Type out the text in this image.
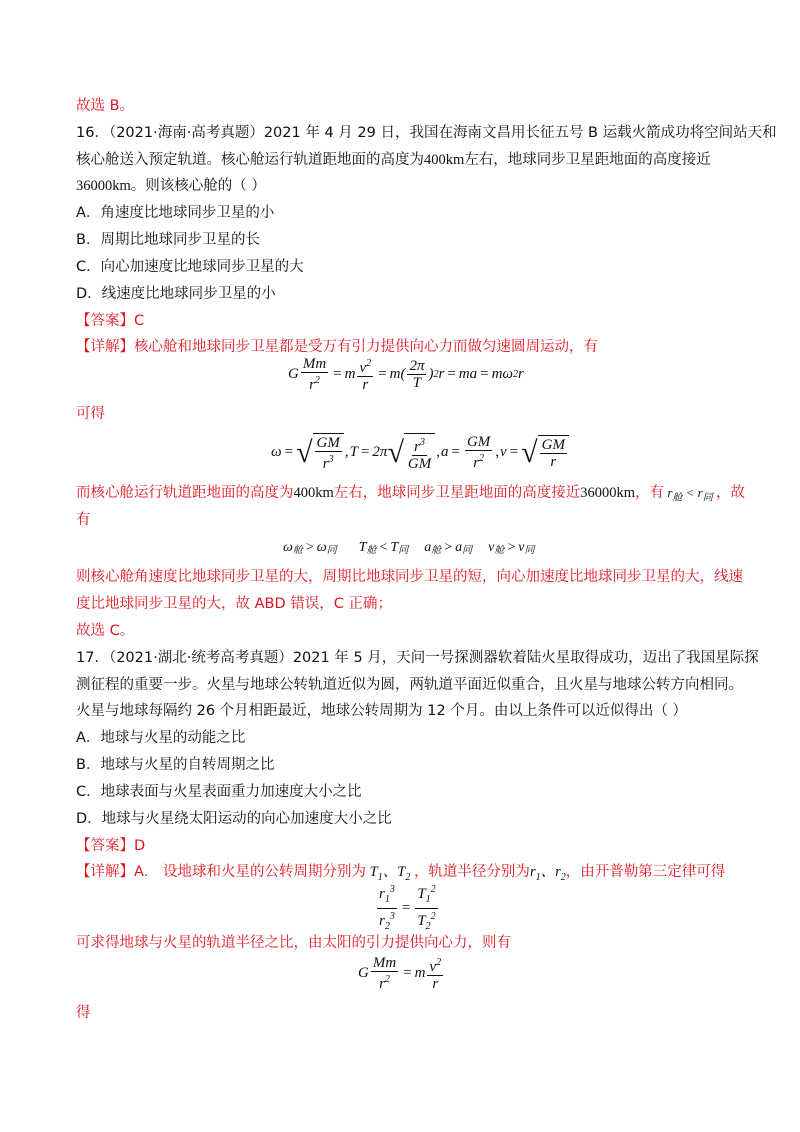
故选 B。
16．（2021·海南·高考真题）2021 年 4 月 29 日，我国在海南文昌用长征五号 B 运载火箭成功将空间站天和
核心舱送入预定轨道。核心舱运行轨道距地面的高度为400km左右，地球同步卫星距地面的高度接近
36000km。则该核心舱的（ ）
A．角速度比地球同步卫星的小
B．周期比地球同步卫星的长
C．向心加速度比地球同步卫星的大
D．线速度比地球同步卫星的小
【答案】C
【详解】核心舱和地球同步卫星都是受万有引力提供向心力而做匀速圆周运动，有
G $\frac{Mm}{r^2} = m \frac{v^2}{r} = m( \frac{2\pi}{T}$ ) 2 r = ma = mω 2 r
可得
ω = √ $\frac{GM}{r^3}$ , T = 2π √ $\frac{r^3}{GM}$ , $a = \frac{GM}{r^2}$ , v = √ $\frac{GM}{r}$
而核心舱运行轨道距地面的高度为400km左右，地球同步卫星距地面的高度接近36000km，有 $r_舱 < r_同$ ，故
有
ω 舱 > ω 同 T 舱 < T 同 a 舱 > a 同 v 舱 > v 同
则核心舱角速度比地球同步卫星的大，周期比地球同步卫星的短，向心加速度比地球同步卫星的大，线速
度比地球同步卫星的大，故 ABD 错误，C 正确；
故选 C。
17．（2021·湖北·统考高考真题）2021 年 5 月，天问一号探测器软着陆火星取得成功，迈出了我国星际探
测征程的重要一步。火星与地球公转轨道近似为圆，两轨道平面近似重合，且火星与地球公转方向相同。
火星与地球每隔约 26 个月相距最近，地球公转周期为 12 个月。由以上条件可以近似得出（ ）
A．地球与火星的动能之比
B．地球与火星的自转周期之比
C．地球表面与火星表面重力加速度大小之比
D．地球与火星绕太阳运动的向心加速度大小之比
【答案】D
【详解】A． 设地球和火星的公转周期分别为 $T_1$、$T_2$ ，轨道半径分别为$r_1$、$r_2$，由开普勒第三定律可得
$\frac{r_1^3}{r_2^3} = \frac{T_1^2}{T_2^2}$
可求得地球与火星的轨道半径之比，由太阳的引力提供向心力，则有
G $\frac{Mm}{r^2} = m \frac{v^2}{r}$
得
